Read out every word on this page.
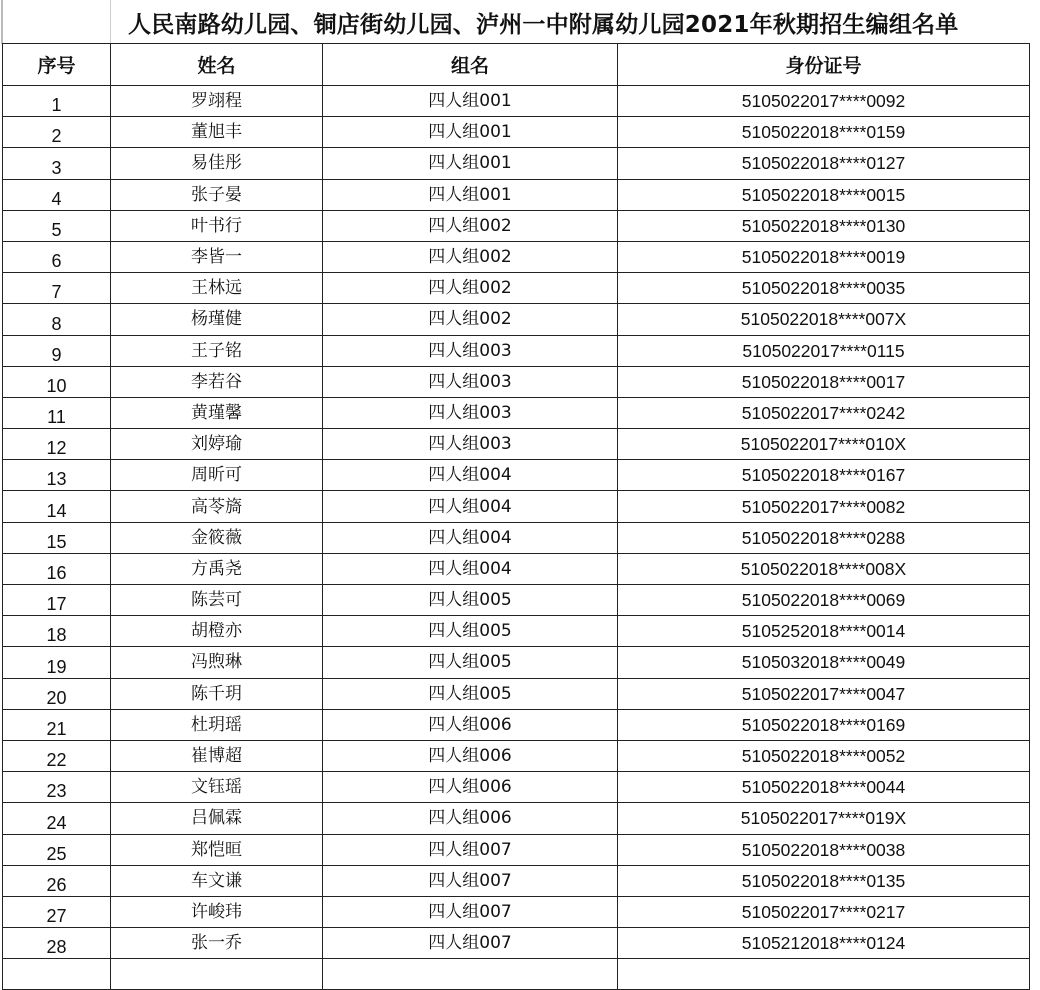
人民南路幼儿园、铜店街幼儿园、泸州一中附属幼儿园2021年秋期招生编组名单
序号	姓名	组名	身份证号
1	罗翊程	四人组001	5105022017****0092
2	董旭丰	四人组001	5105022018****0159
3	易佳彤	四人组001	5105022018****0127
4	张子晏	四人组001	5105022018****0015
5	叶书行	四人组002	5105022018****0130
6	李皆一	四人组002	5105022018****0019
7	王林远	四人组002	5105022018****0035
8	杨瑾健	四人组002	5105022018****007X
9	王子铭	四人组003	5105022017****0115
10	李若谷	四人组003	5105022018****0017
11	黄瑾馨	四人组003	5105022017****0242
12	刘婷瑜	四人组003	5105022017****010X
13	周昕可	四人组004	5105022018****0167
14	高苓旖	四人组004	5105022017****0082
15	金筱薇	四人组004	5105022018****0288
16	方禹尧	四人组004	5105022018****008X
17	陈芸可	四人组005	5105022018****0069
18	胡橙亦	四人组005	5105252018****0014
19	冯煦琳	四人组005	5105032018****0049
20	陈千玥	四人组005	5105022017****0047
21	杜玥瑶	四人组006	5105022018****0169
22	崔博超	四人组006	5105022018****0052
23	文钰瑶	四人组006	5105022018****0044
24	吕佩霖	四人组006	5105022017****019X
25	郑恺晅	四人组007	5105022018****0038
26	车文谦	四人组007	5105022018****0135
27	许峻玮	四人组007	5105022017****0217
28	张一乔	四人组007	5105212018****0124
